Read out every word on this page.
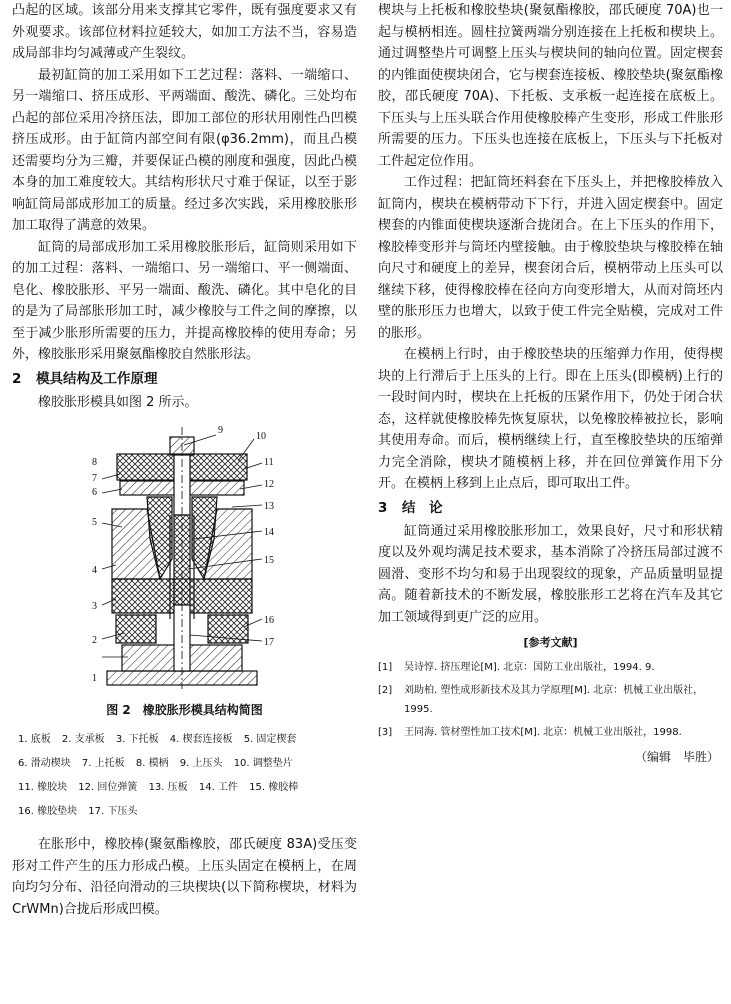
凸起的区域。该部分用来支撑其它零件，既有强度要求又有外观要求。该部位材料拉延较大，如加工方法不当，容易造成局部非均匀减薄或产生裂纹。

最初缸筒的加工采用如下工艺过程：落料、一端缩口、另一端缩口、挤压成形、平两端面、酸洗、磷化。三处均布凸起的部位采用冷挤压法，即加工部位的形状用刚性凸凹模挤压成形。由于缸筒内部空间有限(φ36.2mm)，而且凸模还需要均分为三瓣，并要保证凸模的刚度和强度，因此凸模本身的加工难度较大。其结构形状尺寸难于保证，以至于影响缸筒局部成形加工的质量。经过多次实践，采用橡胶胀形加工取得了满意的效果。

缸筒的局部成形加工采用橡胶胀形后，缸筒则采用如下的加工过程：落料、一端缩口、另一端缩口、平一侧端面、皂化、橡胶胀形、平另一端面、酸洗、磷化。其中皂化的目的是为了局部胀形加工时，减少橡胶与工件之间的摩擦，以至于减少胀形所需要的压力，并提高橡胶棒的使用寿命；另外，橡胶胀形采用聚氨酯橡胶自然胀形法。

2 模具结构及工作原理

橡胶胀形模具如图 2 所示。

1
2
3
4
5
6
7
8
9
10
11
12
13
14
15
16
17
图 2　橡胶胀形模具结构简图
1. 底板 2. 支承板 3. 下托板 4. 楔套连接板 5. 固定楔套 6. 滑动楔块 7. 上托板 8. 模柄 9. 上压头 10. 调整垫片 11. 橡胶块 12. 回位弹簧 13. 压板 14. 工件 15. 橡胶棒 16. 橡胶垫块 17. 下压头

在胀形中，橡胶棒(聚氨酯橡胶，邵氏硬度 83A)受压变形对工件产生的压力形成凸模。上压头固定在模柄上，在周向均匀分布、沿径向滑动的三块楔块(以下简称楔块，材料为 CrWMn)合拢后形成凹模。

楔块与上托板和橡胶垫块(聚氨酯橡胶，邵氏硬度 70A)也一起与模柄相连。圆柱拉簧两端分别连接在上托板和楔块上。通过调整垫片可调整上压头与楔块间的轴向位置。固定楔套的内锥面使楔块闭合，它与楔套连接板、橡胶垫块(聚氨酯橡胶，邵氏硬度 70A)、下托板、支承板一起连接在底板上。下压头与上压头联合作用使橡胶棒产生变形，形成工件胀形所需要的压力。下压头也连接在底板上，下压头与下托板对工件起定位作用。

工作过程：把缸筒坯料套在下压头上，并把橡胶棒放入缸筒内，楔块在模柄带动下下行，并进入固定楔套中。固定楔套的内锥面使楔块逐渐合拢闭合。在上下压头的作用下，橡胶棒变形并与筒坯内壁接触。由于橡胶垫块与橡胶棒在轴向尺寸和硬度上的差异，楔套闭合后，模柄带动上压头可以继续下移，使得橡胶棒在径向方向变形增大，从而对筒坯内壁的胀形压力也增大，以致于使工件完全贴模，完成对工件的胀形。

在模柄上行时，由于橡胶垫块的压缩弹力作用，使得楔块的上行滞后于上压头的上行。即在上压头(即模柄)上行的一段时间内时，楔块在上托板的压紧作用下，仍处于闭合状态，这样就使橡胶棒先恢复原状，以免橡胶棒被拉长，影响其使用寿命。而后，模柄继续上行，直至橡胶垫块的压缩弹力完全消除，楔块才随模柄上移，并在回位弹簧作用下分开。在模柄上移到上止点后，即可取出工件。

3 结　论

缸筒通过采用橡胶胀形加工，效果良好，尺寸和形状精度以及外观均满足技术要求，基本消除了冷挤压局部过渡不圆滑、变形不均匀和易于出现裂纹的现象，产品质量明显提高。随着新技术的不断发展，橡胶胀形工艺将在汽车及其它加工领域得到更广泛的应用。

[参考文献]
[1]	吴诗惇. 挤压理论[M]. 北京：国防工业出版社，1994. 9.
[2]	刘助柏. 塑性成形新技术及其力学原理[M]. 北京：机械工业出版社，1995.
[3]	王同海. 管材塑性加工技术[M]. 北京：机械工业出版社，1998.
（编辑　毕胜）
